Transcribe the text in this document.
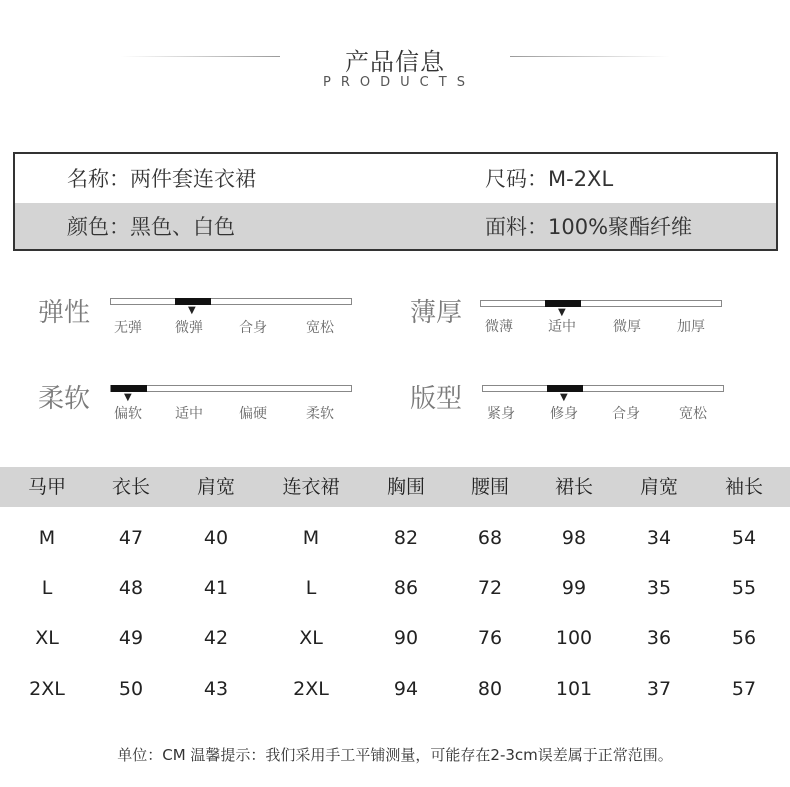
产品信息
PRODUCTS
名称：两件套连衣裙	尺码：M-2XL
颜色：黑色、白色	面料：100%聚酯纤维
弹性	▼
无弹 微弹	合身	宽松	薄厚	▼
微薄	适中	微厚	加厚
柔软	▼
偏软 适中	偏硬	柔软	版型	▼
紧身	修身 合身	宽松
马甲	衣长	肩宽	连衣裙	胸围	腰围	裙长	肩宽	袖长
M	47	40	M	82	68	98	34	54
L	48	41	L	86	72	99	35	55
XL	49	42	XL	90	76	100	36	56
2XL	50	43	2XL	94	80	101	37	57
单位：CM 温馨提示：我们采用手工平铺测量，可能存在2-3cm误差属于正常范围。
